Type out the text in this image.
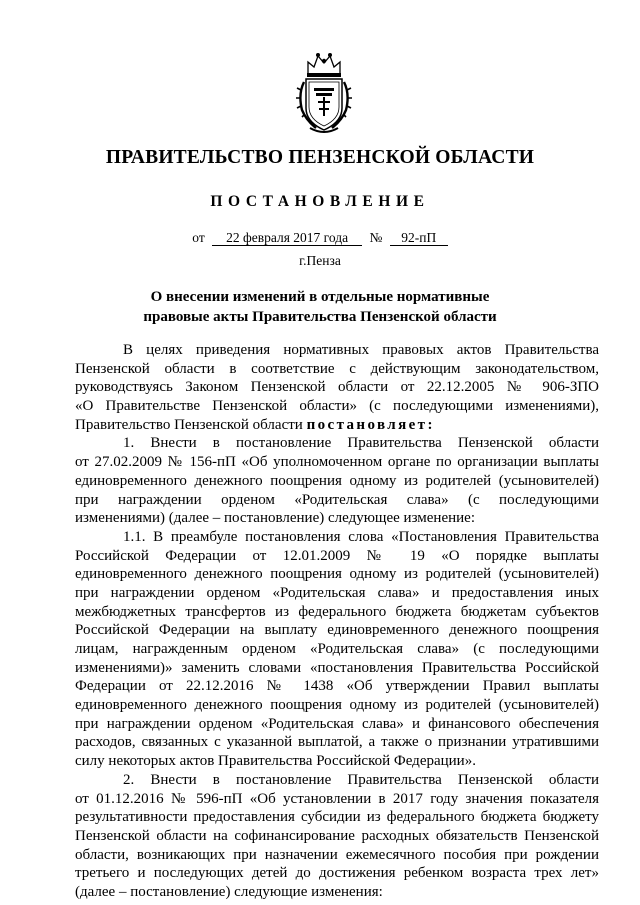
ПРАВИТЕЛЬСТВО ПЕНЗЕНСКОЙ ОБЛАСТИ
ПОСТАНОВЛЕНИЕ
от 22 февраля 2017 года № 92-пП
г.Пенза
О внесении изменений в отдельные нормативные
правовые акты Правительства Пензенской области
В целях приведения нормативных правовых актов Правительства
Пензенской области в соответствие с действующим законодательством,
руководствуясь Законом Пензенской области от 22.12.2005 № 906-ЗПО
«О Правительстве Пензенской области» (с последующими изменениями),
Правительство Пензенской области постановляет:
1. Внести в постановление Правительства Пензенской области
от 27.02.2009 № 156-пП «Об уполномоченном органе по организации выплаты
единовременного денежного поощрения одному из родителей (усыновителей)
при награждении орденом «Родительская слава» (с последующими
изменениями) (далее – постановление) следующее изменение:
1.1. В преамбуле постановления слова «Постановления Правительства
Российской Федерации от 12.01.2009 № 19 «О порядке выплаты
единовременного денежного поощрения одному из родителей (усыновителей)
при награждении орденом «Родительская слава» и предоставления иных
межбюджетных трансфертов из федерального бюджета бюджетам субъектов
Российской Федерации на выплату единовременного денежного поощрения
лицам, награжденным орденом «Родительская слава» (с последующими
изменениями)» заменить словами «постановления Правительства Российской
Федерации от 22.12.2016 № 1438 «Об утверждении Правил выплаты
единовременного денежного поощрения одному из родителей (усыновителей)
при награждении орденом «Родительская слава» и финансового обеспечения
расходов, связанных с указанной выплатой, а также о признании утратившими
силу некоторых актов Правительства Российской Федерации».
2. Внести в постановление Правительства Пензенской области
от 01.12.2016 № 596-пП «Об установлении в 2017 году значения показателя
результативности предоставления субсидии из федерального бюджета бюджету
Пензенской области на софинансирование расходных обязательств Пензенской
области, возникающих при назначении ежемесячного пособия при рождении
третьего и последующих детей до достижения ребенком возраста трех лет»
(далее – постановление) следующие изменения:
